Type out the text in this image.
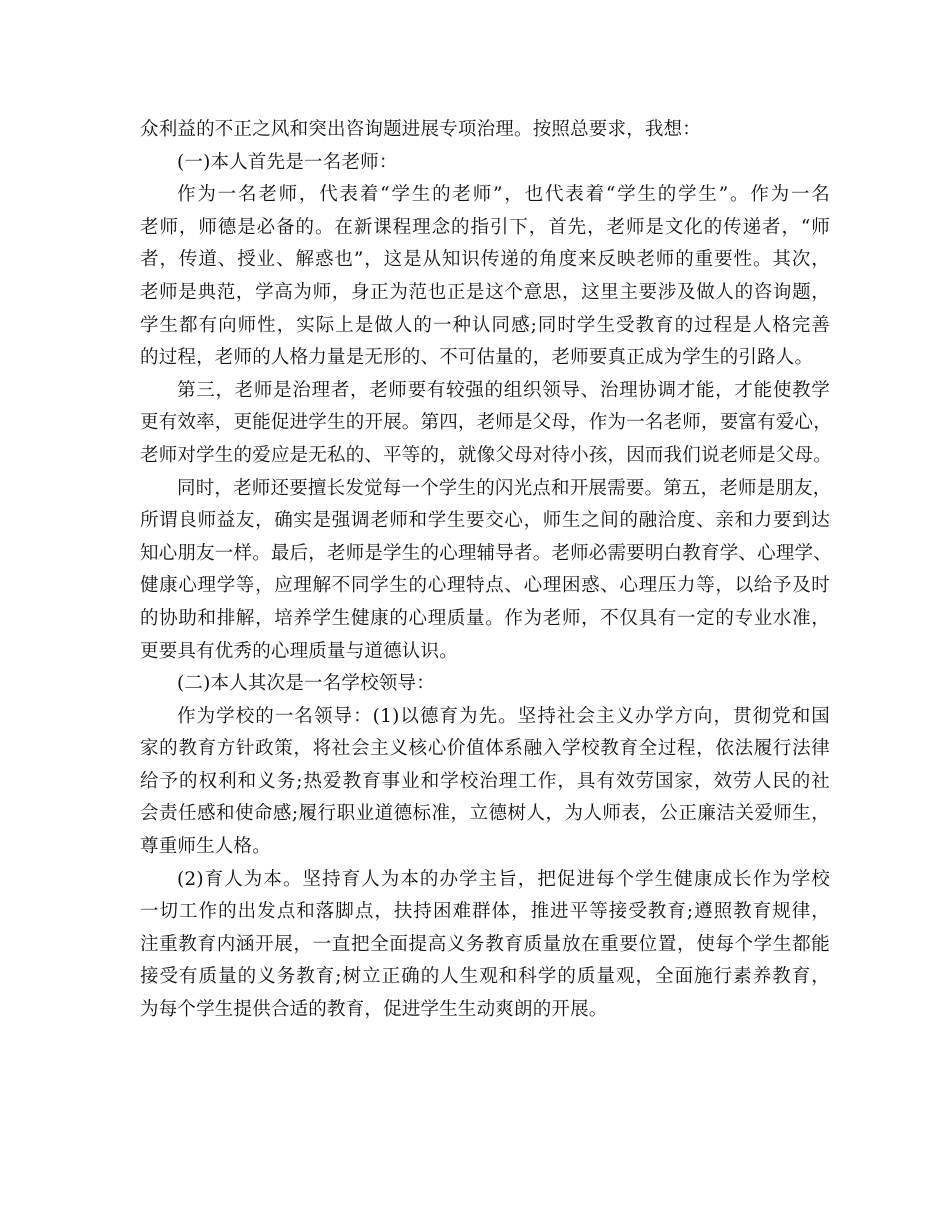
众利益的不正之风和突出咨询题进展专项治理。按照总要求，我想：
(一)本人首先是一名老师：
作为一名老师，代表着“学生的老师”，也代表着“学生的学生”。作为一名
老师，师德是必备的。在新课程理念的指引下，首先，老师是文化的传递者，“师
者，传道、授业、解惑也”，这是从知识传递的角度来反映老师的重要性。其次，
老师是典范，学高为师，身正为范也正是这个意思，这里主要涉及做人的咨询题，
学生都有向师性，实际上是做人的一种认同感;同时学生受教育的过程是人格完善
的过程，老师的人格力量是无形的、不可估量的，老师要真正成为学生的引路人。
第三，老师是治理者，老师要有较强的组织领导、治理协调才能，才能使教学
更有效率，更能促进学生的开展。第四，老师是父母，作为一名老师，要富有爱心，
老师对学生的爱应是无私的、平等的，就像父母对待小孩，因而我们说老师是父母。
同时，老师还要擅长发觉每一个学生的闪光点和开展需要。第五，老师是朋友，
所谓良师益友，确实是强调老师和学生要交心，师生之间的融洽度、亲和力要到达
知心朋友一样。最后，老师是学生的心理辅导者。老师必需要明白教育学、心理学、
健康心理学等，应理解不同学生的心理特点、心理困惑、心理压力等，以给予及时
的协助和排解，培养学生健康的心理质量。作为老师，不仅具有一定的专业水准，
更要具有优秀的心理质量与道德认识。
(二)本人其次是一名学校领导：
作为学校的一名领导：(1)以德育为先。坚持社会主义办学方向，贯彻党和国
家的教育方针政策，将社会主义核心价值体系融入学校教育全过程，依法履行法律
给予的权利和义务;热爱教育事业和学校治理工作，具有效劳国家，效劳人民的社
会责任感和使命感;履行职业道德标准，立德树人，为人师表，公正廉洁关爱师生，
尊重师生人格。
(2)育人为本。坚持育人为本的办学主旨，把促进每个学生健康成长作为学校
一切工作的出发点和落脚点，扶持困难群体，推进平等接受教育;遵照教育规律，
注重教育内涵开展，一直把全面提高义务教育质量放在重要位置，使每个学生都能
接受有质量的义务教育;树立正确的人生观和科学的质量观，全面施行素养教育，
为每个学生提供合适的教育，促进学生生动爽朗的开展。
